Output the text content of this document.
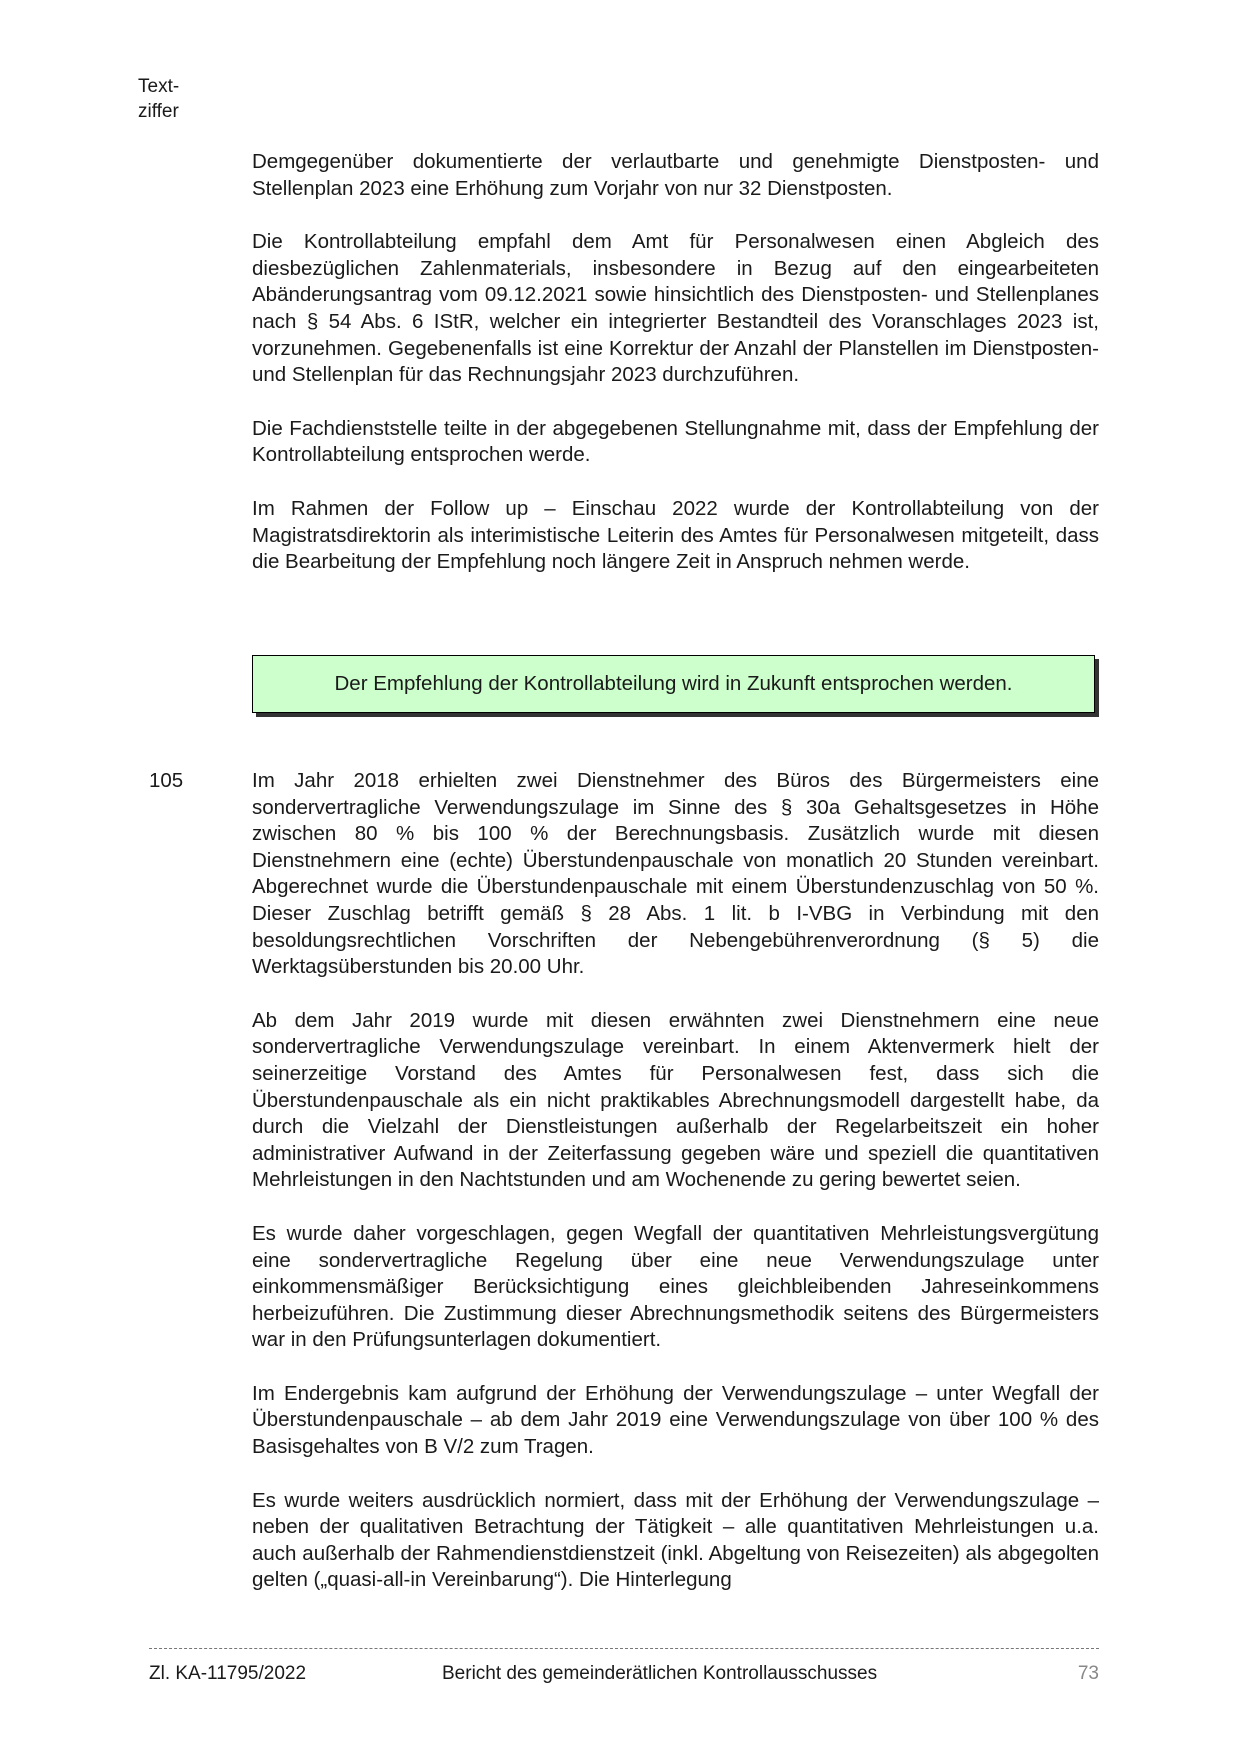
Text-
ziffer

Demgegenüber dokumentierte der verlautbarte und genehmigte Dienstposten- und Stellenplan 2023 eine Erhöhung zum Vorjahr von nur 32 Dienstposten.

Die Kontrollabteilung empfahl dem Amt für Personalwesen einen Abgleich des diesbezüglichen Zahlenmaterials, insbesondere in Bezug auf den eingearbeiteten Abänderungsantrag vom 09.12.2021 sowie hinsichtlich des Dienstposten- und Stellenplanes nach § 54 Abs. 6 IStR, welcher ein integrierter Bestandteil des Voranschlages 2023 ist, vorzunehmen. Gegebenenfalls ist eine Korrektur der Anzahl der Planstellen im Dienstposten- und Stellenplan für das Rechnungsjahr 2023 durchzuführen.

Die Fachdienststelle teilte in der abgegebenen Stellungnahme mit, dass der Empfehlung der Kontrollabteilung entsprochen werde.

Im Rahmen der Follow up – Einschau 2022 wurde der Kontrollabteilung von der Magistratsdirektorin als interimistische Leiterin des Amtes für Personalwesen mitgeteilt, dass die Bearbeitung der Empfehlung noch längere Zeit in Anspruch nehmen werde.

Der Empfehlung der Kontrollabteilung wird in Zukunft entsprochen werden.
105	Im Jahr 2018 erhielten zwei Dienstnehmer des Büros des Bürgermeisters eine sondervertragliche Verwendungszulage im Sinne des § 30a Gehaltsgesetzes in Höhe zwischen 80 % bis 100 % der Berechnungsbasis. Zusätzlich wurde mit diesen Dienstnehmern eine (echte) Überstundenpauschale von monatlich 20 Stunden vereinbart. Abgerechnet wurde die Überstundenpauschale mit einem Überstundenzuschlag von 50 %. Dieser Zuschlag betrifft gemäß § 28 Abs. 1 lit. b I-VBG in Verbindung mit den besoldungsrechtlichen Vorschriften der Nebengebührenverordnung (§ 5) die Werktagsüberstunden bis 20.00 Uhr.

Ab dem Jahr 2019 wurde mit diesen erwähnten zwei Dienstnehmern eine neue sondervertragliche Verwendungszulage vereinbart. In einem Aktenvermerk hielt der seinerzeitige Vorstand des Amtes für Personalwesen fest, dass sich die Überstundenpauschale als ein nicht praktikables Abrechnungsmodell dargestellt habe, da durch die Vielzahl der Dienstleistungen außerhalb der Regelarbeitszeit ein hoher administrativer Aufwand in der Zeiterfassung gegeben wäre und speziell die quantitativen Mehrleistungen in den Nachtstunden und am Wochenende zu gering bewertet seien.

Es wurde daher vorgeschlagen, gegen Wegfall der quantitativen Mehrleistungsvergütung eine sondervertragliche Regelung über eine neue Verwendungszulage unter einkommensmäßiger Berücksichtigung eines gleichbleibenden Jahreseinkommens herbeizuführen. Die Zustimmung dieser Abrechnungsmethodik seitens des Bürgermeisters war in den Prüfungsunterlagen dokumentiert.

Im Endergebnis kam aufgrund der Erhöhung der Verwendungszulage – unter Wegfall der Überstundenpauschale – ab dem Jahr 2019 eine Verwendungszulage von über 100 % des Basisgehaltes von B V/2 zum Tragen.

Es wurde weiters ausdrücklich normiert, dass mit der Erhöhung der Verwendungszulage – neben der qualitativen Betrachtung der Tätigkeit – alle quantitativen Mehrleistungen u.a. auch außerhalb der Rahmendienstdienstzeit (inkl. Abgeltung von Reisezeiten) als abgegolten gelten („quasi-all-in Vereinbarung“). Die Hinterlegung

Zl. KA-11795/2022	Bericht des gemeinderätlichen Kontrollausschusses	73
